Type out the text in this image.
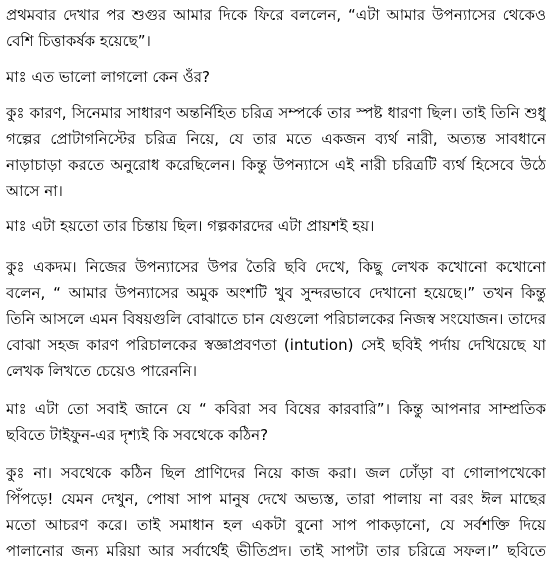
প্রথমবার দেখার পর শুগুর আমার দিকে ফিরে বললেন, “এটা আমার উপন্যাসের থেকেও
বেশি চিত্তাকর্ষক হয়েছে”।
মাঃ এত ভালো লাগলো কেন ওঁর?
কুঃ কারণ, সিনেমার সাধারণ অন্তর্নিহিত চরিত্র সম্পর্কে তার স্পষ্ট ধারণা ছিল। তাই তিনি শুধু
গল্পের প্রোটাগনিস্টের চরিত্র নিয়ে, যে তার মতে একজন ব্যর্থ নারী, অত্যন্ত সাবধানে
নাড়াচাড়া করতে অনুরোধ করেছিলেন। কিন্তু উপন্যাসে এই নারী চরিত্রটি ব্যর্থ হিসেবে উঠে
আসে না।
মাঃ এটা হয়তো তার চিন্তায় ছিল। গল্পকারদের এটা প্রায়শই হয়।
কুঃ একদম। নিজের উপন্যাসের উপর তৈরি ছবি দেখে, কিছু লেখক কখোনো কখোনো
বলেন, “ আমার উপন্যাসের অমুক অংশটি খুব সুন্দরভাবে দেখানো হয়েছে।” তখন কিন্তু
তিনি আসলে এমন বিষয়গুলি বোঝাতে চান যেগুলো পরিচালকের নিজস্ব সংযোজন। তাদের
বোঝা সহজ কারণ পরিচালকের স্বজ্ঞাপ্রবণতা (intution) সেই ছবিই পর্দায় দেখিয়েছে যা
লেখক লিখতে চেয়েও পারেননি।
মাঃ এটা তো সবাই জানে যে “ কবিরা সব বিষের কারবারি”। কিন্তু আপনার সাম্প্রতিক
ছবিতে টাইফুন-এর দৃশ্যই কি সবথেকে কঠিন?
কুঃ না। সবথেকে কঠিন ছিল প্রাণিদের নিয়ে কাজ করা। জল ঢোঁড়া বা গোলাপখেকো
পিঁপড়ে! যেমন দেখুন, পোষা সাপ মানুষ দেখে অভ্যস্ত, তারা পালায় না বরং ঈল মাছের
মতো আচরণ করে। তাই সমাধান হল একটা বুনো সাপ পাকড়ানো, যে সর্বশক্তি দিয়ে
পালানোর জন্য মরিয়া আর সর্বার্থেই ভীতিপ্রদ। তাই সাপটা তার চরিত্রে সফল।” ছবিতে
